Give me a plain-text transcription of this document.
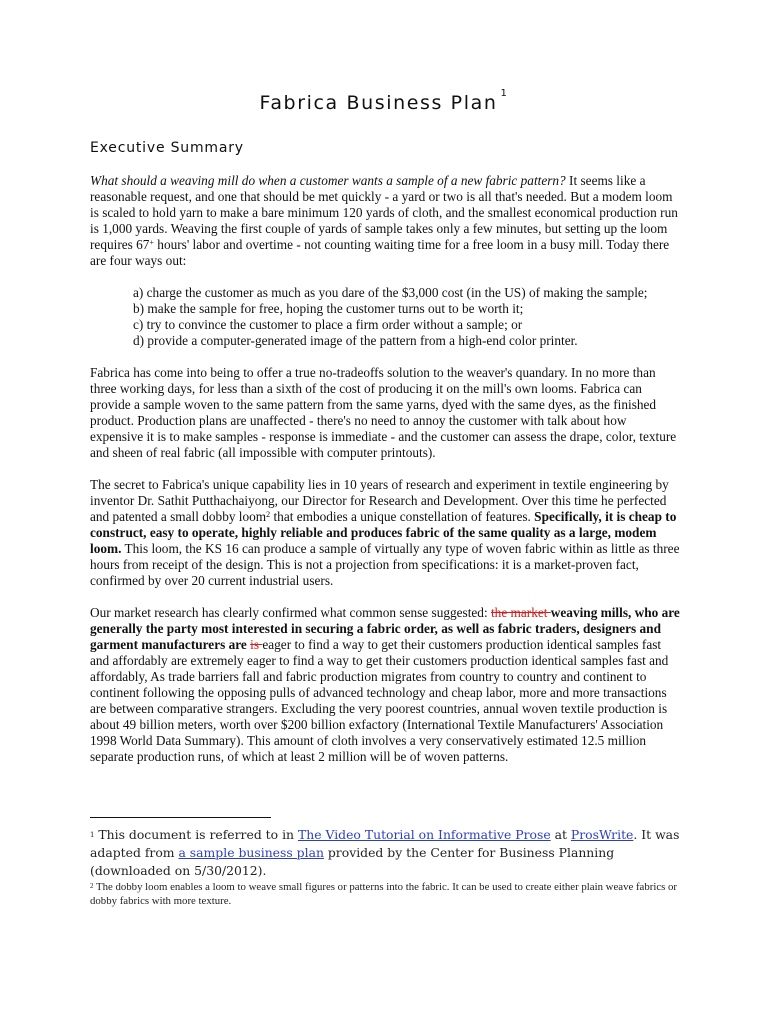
Fabrica Business Plan $^1$
Executive Summary

What should a weaving mill do when a customer wants a sample of a new fabric pattern? It seems like a reasonable request, and one that should be met quickly - a yard or two is all that's needed. But a modem loom is scaled to hold yarn to make a bare minimum 120 yards of cloth, and the smallest economical production run is 1,000 yards. Weaving the first couple of yards of sample takes only a few minutes, but setting up the loom requires 67+ hours' labor and overtime - not counting waiting time for a free loom in a busy mill. Today there are four ways out:

a) charge the customer as much as you dare of the $3,000 cost (in the US) of making the sample;
b) make the sample for free, hoping the customer turns out to be worth it;
c) try to convince the customer to place a firm order without a sample; or
d) provide a computer-generated image of the pattern from a high-end color printer.

Fabrica has come into being to offer a true no-tradeoffs solution to the weaver's quandary. In no more than three working days, for less than a sixth of the cost of producing it on the mill's own looms. Fabrica can provide a sample woven to the same pattern from the same yarns, dyed with the same dyes, as the finished product. Production plans are unaffected - there's no need to annoy the customer with talk about how expensive it is to make samples - response is immediate - and the customer can assess the drape, color, texture and sheen of real fabric (all impossible with computer printouts).

The secret to Fabrica's unique capability lies in 10 years of research and experiment in textile engineering by inventor Dr. Sathit Putthachaiyong, our Director for Research and Development. Over this time he perfected and patented a small dobby loom$^2$ that embodies a unique constellation of features. Specifically, it is cheap to construct, easy to operate, highly reliable and produces fabric of the same quality as a large, modem loom. This loom, the KS 16 can produce a sample of virtually any type of woven fabric within as little as three hours from receipt of the design. This is not a projection from specifications: it is a market-proven fact, confirmed by over 20 current industrial users.

Our market research has clearly confirmed what common sense suggested: the market weaving mills, who are generally the party most interested in securing a fabric order, as well as fabric traders, designers and garment manufacturers are is eager to find a way to get their customers production identical samples fast and affordably are extremely eager to find a way to get their customers production identical samples fast and affordably, As trade barriers fall and fabric production migrates from country to country and continent to continent following the opposing pulls of advanced technology and cheap labor, more and more transactions are between comparative strangers. Excluding the very poorest countries, annual woven textile production is about 49 billion meters, worth over $200 billion exfactory (International Textile Manufacturers' Association 1998 World Data Summary). This amount of cloth involves a very conservatively estimated 12.5 million separate production runs, of which at least 2 million will be of woven patterns.

$^1$ This document is referred to in The Video Tutorial on Informative Prose at ProsWrite. It was adapted from a sample business plan provided by the Center for Business Planning (downloaded on 5/30/2012).
$^2$ The dobby loom enables a loom to weave small figures or patterns into the fabric. It can be used to create either plain weave fabrics or dobby fabrics with more texture.
